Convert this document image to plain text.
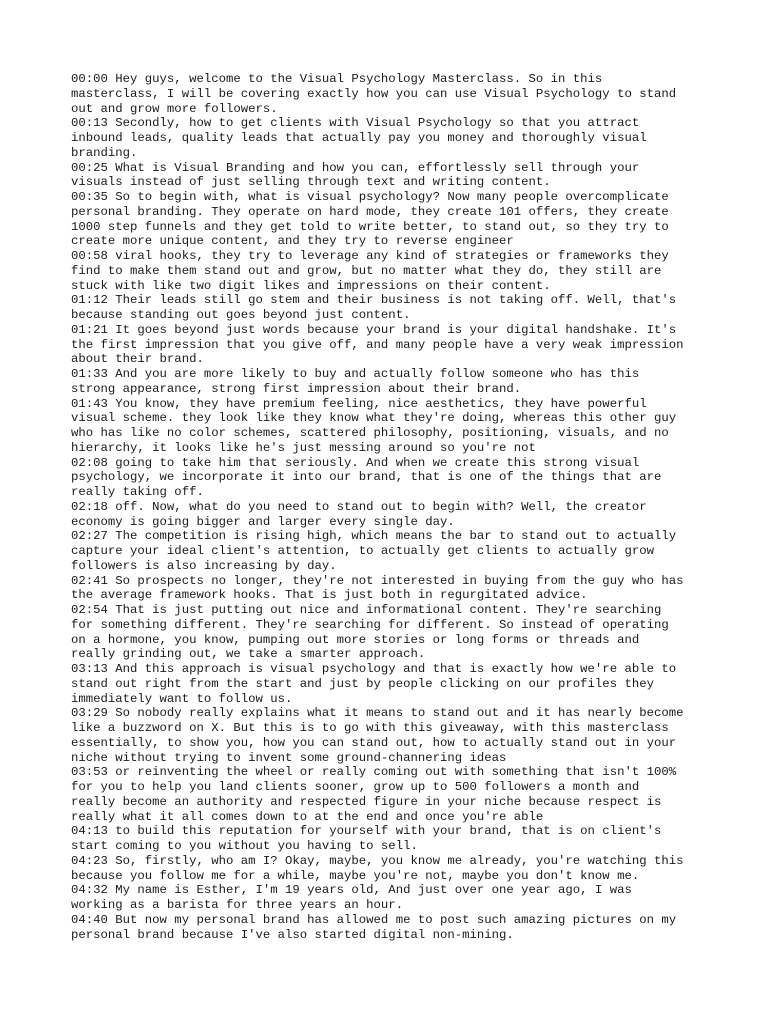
00:00 Hey guys, welcome to the Visual Psychology Masterclass. So in this

masterclass, I will be covering exactly how you can use Visual Psychology to stand

out and grow more followers.

00:13 Secondly, how to get clients with Visual Psychology so that you attract

inbound leads, quality leads that actually pay you money and thoroughly visual

branding.

00:25 What is Visual Branding and how you can, effortlessly sell through your

visuals instead of just selling through text and writing content.

00:35 So to begin with, what is visual psychology? Now many people overcomplicate

personal branding. They operate on hard mode, they create 101 offers, they create

1000 step funnels and they get told to write better, to stand out, so they try to

create more unique content, and they try to reverse engineer

00:58 viral hooks, they try to leverage any kind of strategies or frameworks they

find to make them stand out and grow, but no matter what they do, they still are

stuck with like two digit likes and impressions on their content.

01:12 Their leads still go stem and their business is not taking off. Well, that's

because standing out goes beyond just content.

01:21 It goes beyond just words because your brand is your digital handshake. It's

the first impression that you give off, and many people have a very weak impression

about their brand.

01:33 And you are more likely to buy and actually follow someone who has this

strong appearance, strong first impression about their brand.

01:43 You know, they have premium feeling, nice aesthetics, they have powerful

visual scheme. they look like they know what they're doing, whereas this other guy

who has like no color schemes, scattered philosophy, positioning, visuals, and no

hierarchy, it looks like he's just messing around so you're not

02:08 going to take him that seriously. And when we create this strong visual

psychology, we incorporate it into our brand, that is one of the things that are

really taking off.

02:18 off. Now, what do you need to stand out to begin with? Well, the creator

economy is going bigger and larger every single day.

02:27 The competition is rising high, which means the bar to stand out to actually

capture your ideal client's attention, to actually get clients to actually grow

followers is also increasing by day.

02:41 So prospects no longer, they're not interested in buying from the guy who has

the average framework hooks. That is just both in regurgitated advice.

02:54 That is just putting out nice and informational content. They're searching

for something different. They're searching for different. So instead of operating

on a hormone, you know, pumping out more stories or long forms or threads and

really grinding out, we take a smarter approach.

03:13 And this approach is visual psychology and that is exactly how we're able to

stand out right from the start and just by people clicking on our profiles they

immediately want to follow us.

03:29 So nobody really explains what it means to stand out and it has nearly become

like a buzzword on X. But this is to go with this giveaway, with this masterclass

essentially, to show you, how you can stand out, how to actually stand out in your

niche without trying to invent some ground-channering ideas

03:53 or reinventing the wheel or really coming out with something that isn't 100%

for you to help you land clients sooner, grow up to 500 followers a month and

really become an authority and respected figure in your niche because respect is

really what it all comes down to at the end and once you're able

04:13 to build this reputation for yourself with your brand, that is on client's

start coming to you without you having to sell.

04:23 So, firstly, who am I? Okay, maybe, you know me already, you're watching this

because you follow me for a while, maybe you're not, maybe you don't know me.

04:32 My name is Esther, I'm 19 years old, And just over one year ago, I was

working as a barista for three years an hour.

04:40 But now my personal brand has allowed me to post such amazing pictures on my

personal brand because I've also started digital non-mining.
